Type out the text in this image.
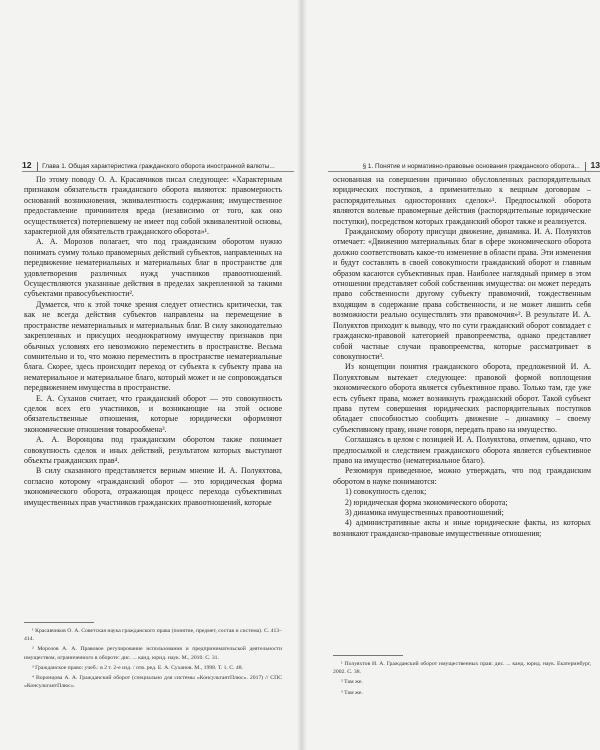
12 Глава 1. Общая характеристика гражданского оборота иностранной валюты...

По этому поводу О. А. Красавчиков писал следующее: «Характерным признаком обязательств гражданского оборота являются: правомерность оснований возникновения, эквивалентность содержания; имущественное предоставление причинителя вреда (независимо от того, как оно осуществляется) потерпевшему не имеет под собой эквивалентной основы, характерной для обязательств гражданского оборота»¹.

А. А. Морозов полагает, что под гражданским оборотом нужно понимать сумму только правомерных действий субъектов, направленных на передвижение нематериальных и материальных благ в пространстве для удовлетворения различных нужд участников правоотношений. Осуществляются указанные действия в пределах закрепленной за такими субъектами правосубъектности².

Думается, что к этой точке зрения следует отнестись критически, так как не всегда действия субъектов направлены на перемещение в пространстве нематериальных и материальных благ. В силу законодательно закрепленных и присущих неоднократному имуществу признаков при обычных условиях его невозможно переместить в пространстве. Весьма сомнительно и то, что можно переместить в пространстве нематериальные блага. Скорее, здесь происходит переход от субъекта к субъекту права на нематериальное и материальное благо, который может и не сопровождаться передвижением имущества в пространстве.

Е. А. Суханов считает, что гражданский оборот — это совокупность сделок всех его участников, и возникающие на этой основе обязательственные отношения, которые юридически оформляют экономические отношения товарообмена³.

А. А. Воронцова под гражданским оборотом также понимает совокупность сделок и иных действий, результатом которых выступают объекты гражданских прав⁴.

В силу сказанного представляется верным мнение И. А. Полуяхтова, согласно которому «гражданский оборот — это юридическая форма экономического оборота, отражающая процесс перехода субъективных имущественных прав участников гражданских правоотношений, которые

¹ Красавчиков О. А. Советская наука гражданского права (понятие, предмет, состав и система). С. 413–414.

² Морозов А. А. Правовое регулирование использования и предпринимательской деятельности имуществом, ограниченного в обороте: дис. ... канд. юрид. наук. М., 2010. С. 31.

³ Гражданское право: учеб.: в 2 т. 2-е изд. / отв. ред. Е. А. Суханов. М., 1998. Т. 1. С. 48.

⁴ Воронцова А. А. Гражданский оборот (специально для системы «КонсультантПлюс». 2017) // СПС «КонсультантПлюс».

§ 1. Понятие и нормативно-правовые основания гражданского оборота... 13

основанная на совершении причинно обусловленных распорядительных юридических поступков, а применительно к вещным договорам – распорядительных односторонних сделок»¹. Предпосылкой оборота являются волевые правомерные действия (распорядительные юридические поступки), посредством которых гражданский оборот также и реализуется.

Гражданскому обороту присущи движение, динамика. И. А. Полуяхтов отмечает: «Движению материальных благ в сфере экономического оборота должно соответствовать какое-то изменение в области права. Эти изменения и будут составлять в своей совокупности гражданский оборот и главным образом касаются субъективных прав. Наиболее наглядный пример в этом отношении представляет собой собственник имущества: он может передать право собственности другому субъекту правомочий, тождественным входящим в содержание права собственности, и не может лишить себя возможности реально осуществлять эти правомочия»². В результате И. А. Полуяхтов приходит к выводу, что по сути гражданский оборот совпадает с гражданско-правовой категорией правопреемства, однако представляет собой частные случаи правопреемства, которые рассматривает в совокупности³.

Из концепции понятия гражданского оборота, предложенной И. А. Полуяхтовым вытекает следующее: правовой формой воплощения экономического оборота является субъективное право. Только там, где уже есть субъект права, может возникнуть гражданский оборот. Такой субъект права путем совершения юридических распорядительных поступков обладает способностью сообщить движение – динамику – своему субъективному праву, иначе говоря, передать право на имущество.

Соглашаясь в целом с позицией И. А. Полуяхтова, отметим, однако, что предпосылкой и следствием гражданского оборота является субъективное право на имущество (нематериальное благо).

Резюмируя приведенное, можно утверждать, что под гражданским оборотом в науке понимаются:

1) совокупность сделок;
2) юридическая форма экономического оборота;
3) динамика имущественных правоотношений;
4) административные акты и иные юридические факты, из которых возникают гражданско-правовые имущественные отношения;

¹ Полуяхтов И. А. Гражданский оборот имущественных прав: дис. ... канд. юрид. наук. Екатеринбург, 2002. С. 38.

² Там же.

³ Там же.
